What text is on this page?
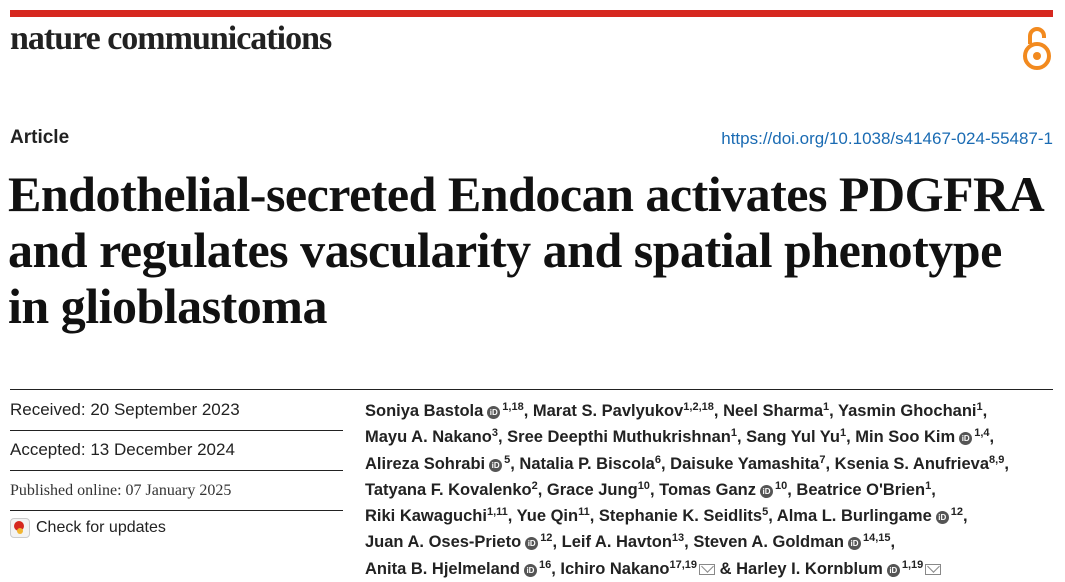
nature communications
Article	https://doi.org/10.1038/s41467-024-55487-1
Endothelial-secreted Endocan activates PDGFRA and regulates vascularity and spatial phenotype in glioblastoma
Received: 20 September 2023
Accepted: 13 December 2024
Published online: 07 January 2025
Check for updates
Soniya Bastola iD $^{1,18}$, Marat S. Pavlyukov$^{1,2,18}$, Neel Sharma$^1$, Yasmin Ghochani$^1$,
Mayu A. Nakano$^3$, Sree Deepthi Muthukrishnan$^1$, Sang Yul Yu$^1$, Min Soo Kim iD $^{1,4}$,
Alireza Sohrabi iD $^5$, Natalia P. Biscola$^6$, Daisuke Yamashita$^7$, Ksenia S. Anufrieva$^{8,9}$,
Tatyana F. Kovalenko$^2$, Grace Jung$^{10}$, Tomas Ganz iD $^{10}$, Beatrice O'Brien$^1$,
Riki Kawaguchi$^{1,11}$, Yue Qin$^{11}$, Stephanie K. Seidlits$^5$, Alma L. Burlingame iD $^{12}$,
Juan A. Oses-Prieto iD $^{12}$, Leif A. Havton$^{13}$, Steven A. Goldman iD $^{14,15}$,
Anita B. Hjelmeland iD $^{16}$, Ichiro Nakano$^{17,19}$ & Harley I. Kornblum iD $^{1,19}$
